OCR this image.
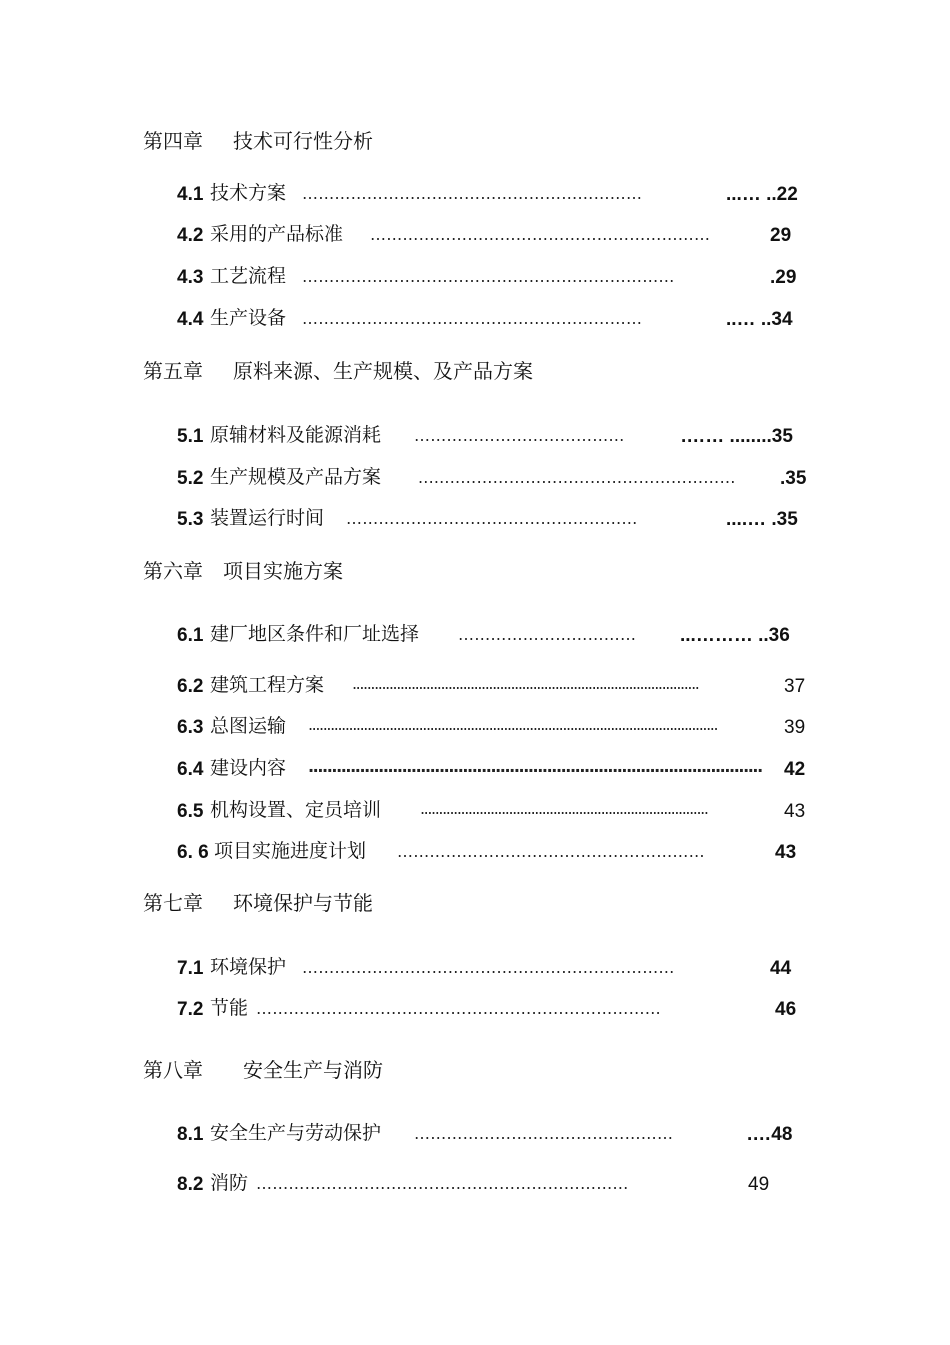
第四章 技术可行性分析
4.1 技术方案 ………………………………………………………	...… ..22
4.2 采用的产品标准 ………………………………………………………	29
4.3 工艺流程 ……………………………………………………………	.29
4.4 生产设备 ………………………………………………………	..… ..34
第五章 原料来源、生产规模、及产品方案
5.1 原辅材料及能源消耗 …………………………………	.…… ........35
5.2 生产规模及产品方案 ........……………………………………………	.35
5.3 装置运行时间 ………………………………………………	....… .35
第六章 项目实施方案
6.1 建厂地区条件和厂址选择 ……………………………	...……… ..36
6.2 建筑工程方案 ..............................................................................................	37
6.3 总图运输 ...............................................................................................................	39
6.4 建设内容 .................................................................................................	42
6.5 机构设置、定员培训 ..............................................................................	43
6. 6 项目实施进度计划 …………………………………………………	43
第七章 环境保护与节能
7.1 环境保护 ……………………………………………………………	44
7.2 节能 …………………………………………………………………	46
第八章 安全生产与消防
8.1 安全生产与劳动保护 …………………………………………	.…48
8.2 消防 ……………………………………………………………	49
